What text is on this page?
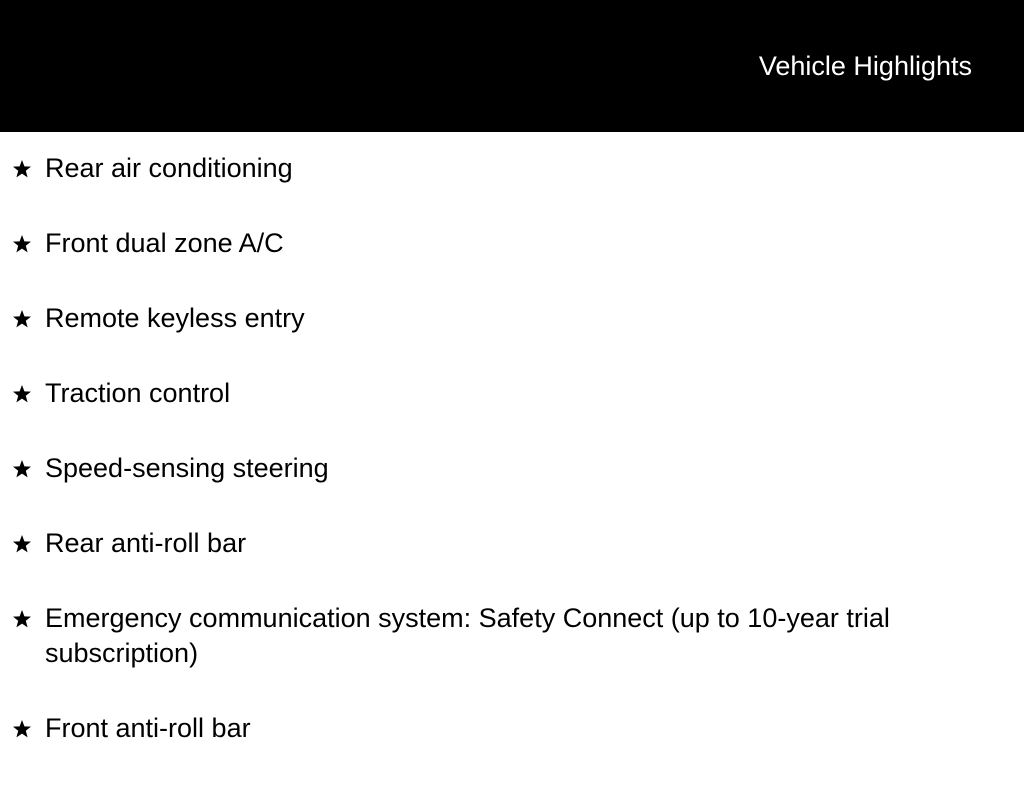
Vehicle Highlights
Rear air conditioning
Front dual zone A/C
Remote keyless entry
Traction control
Speed-sensing steering
Rear anti-roll bar
Emergency communication system: Safety Connect (up to 10-year trial subscription)
Front anti-roll bar
